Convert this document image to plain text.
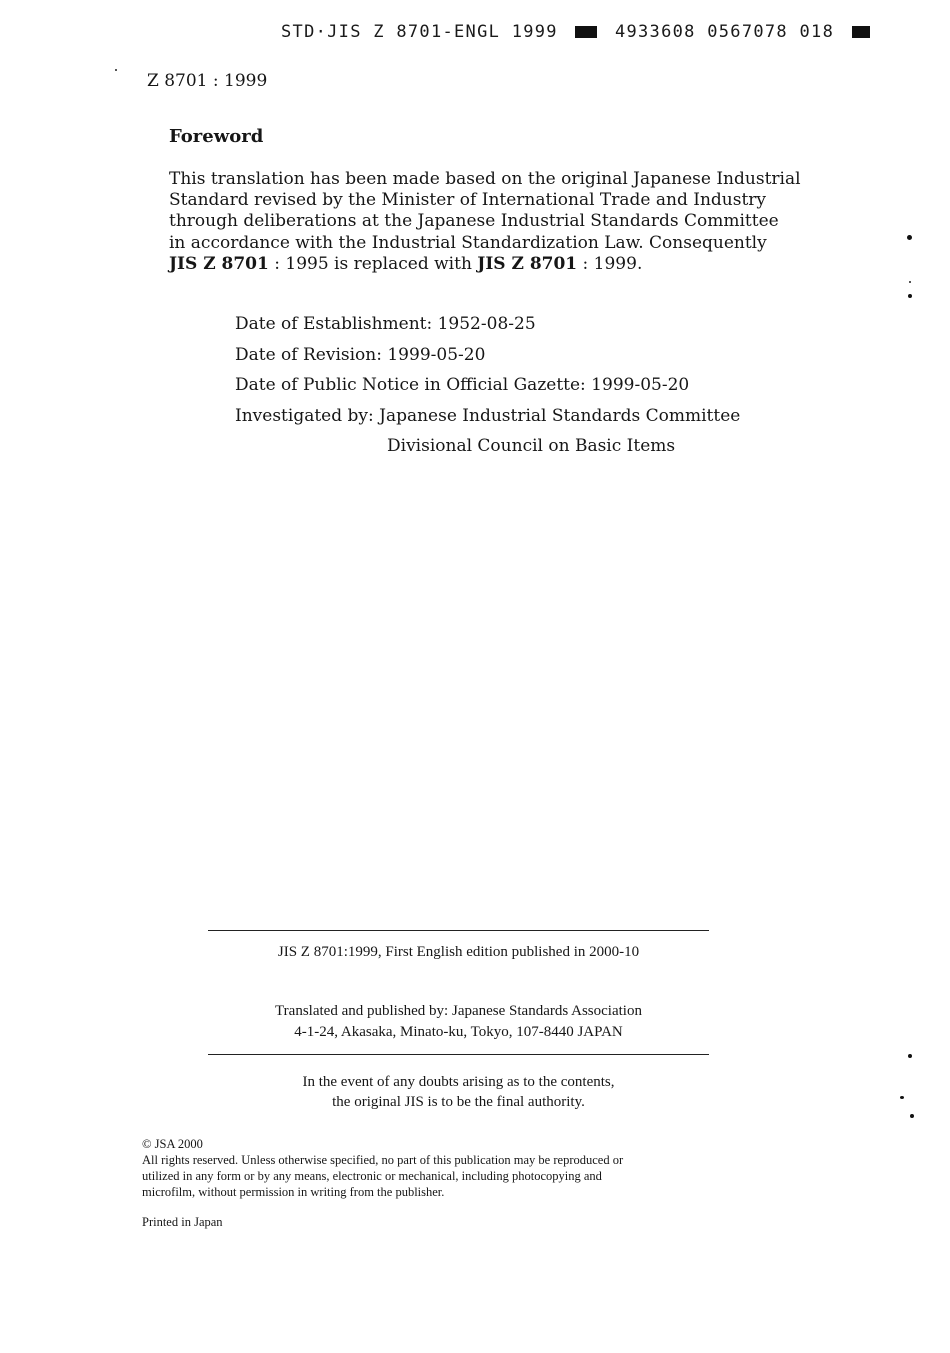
STD·JIS Z 8701-ENGL 1999	4933608 0567078 018
Z 8701 : 1999
Foreword
This translation has been made based on the original Japanese Industrial
Standard revised by the Minister of International Trade and Industry
through deliberations at the Japanese Industrial Standards Committee
in accordance with the Industrial Standardization Law. Consequently
JIS Z 8701 : 1995 is replaced with JIS Z 8701 : 1999.
Date of Establishment: 1952-08-25
Date of Revision: 1999-05-20
Date of Public Notice in Official Gazette: 1999-05-20
Investigated by: Japanese Industrial Standards Committee
Divisional Council on Basic Items
JIS Z 8701:1999, First English edition published in 2000-10
Translated and published by: Japanese Standards Association
4-1-24, Akasaka, Minato-ku, Tokyo, 107-8440 JAPAN
In the event of any doubts arising as to the contents,
the original JIS is to be the final authority.
© JSA 2000
All rights reserved. Unless otherwise specified, no part of this publication may be reproduced or
utilized in any form or by any means, electronic or mechanical, including photocopying and
microfilm, without permission in writing from the publisher.
Printed in Japan
